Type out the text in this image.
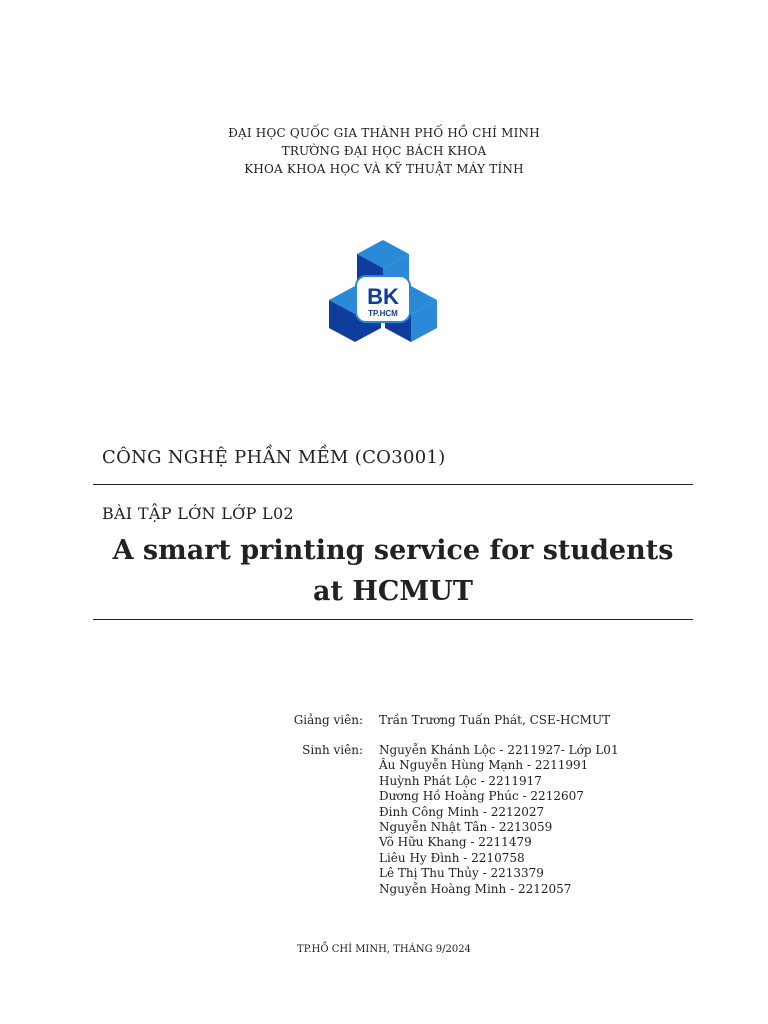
ĐẠI HỌC QUỐC GIA THÀNH PHỐ HỒ CHÍ MINH
TRƯỜNG ĐẠI HỌC BÁCH KHOA
KHOA KHOA HỌC VÀ KỸ THUẬT MÁY TÍNH
BK
TP.HCM
CÔNG NGHỆ PHẦN MỀM (CO3001)
BÀI TẬP LỚN LỚP L02
A smart printing service for students
at HCMUT
Giảng viên: Trần Trương Tuấn Phát, CSE-HCMUT
Sinh viên: Nguyễn Khánh Lộc - 2211927- Lớp L01
Âu Nguyễn Hùng Mạnh - 2211991
Huỳnh Phát Lộc - 2211917
Dương Hồ Hoàng Phúc - 2212607
Đinh Công Minh - 2212027
Nguyễn Nhật Tân - 2213059
Võ Hữu Khang - 2211479
Liêu Hy Đình - 2210758
Lê Thị Thu Thủy - 2213379
Nguyễn Hoàng Minh - 2212057
TP.HỒ CHÍ MINH, THÁNG 9/2024
